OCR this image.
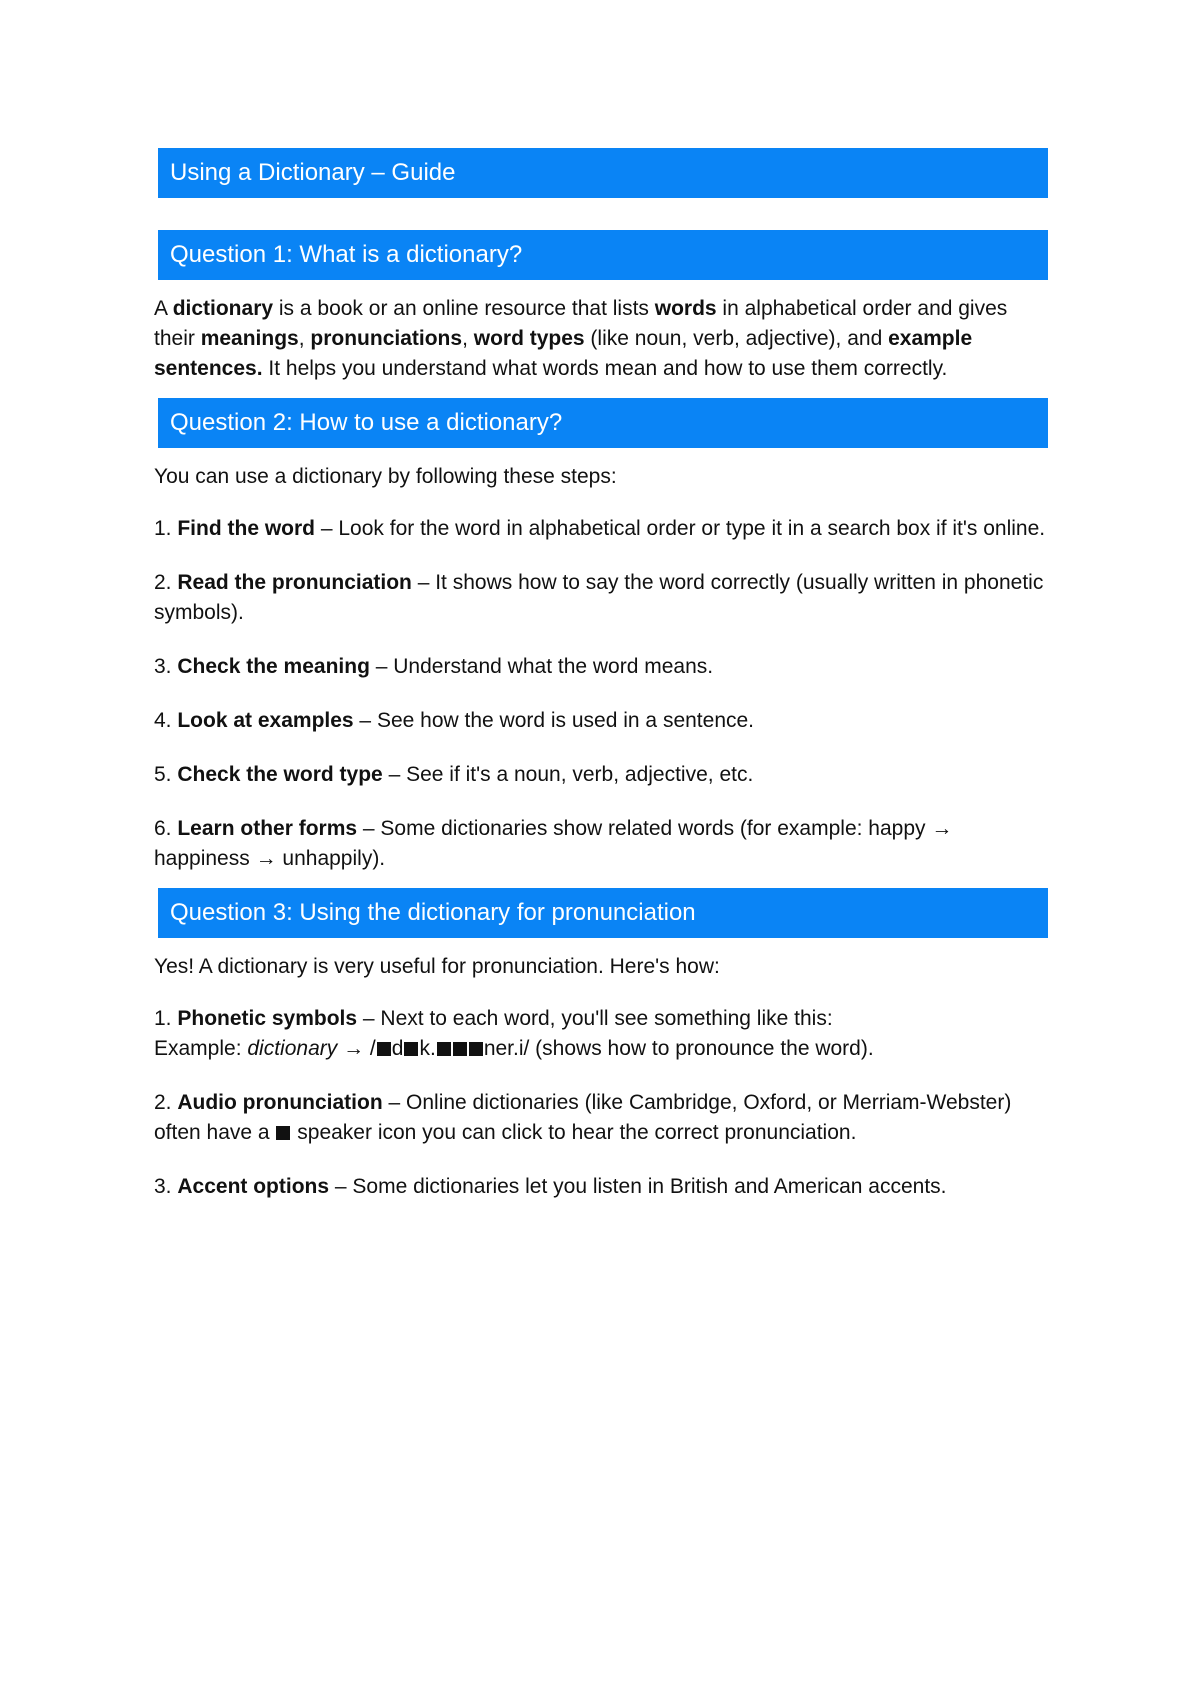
Using a Dictionary – Guide
Question 1: What is a dictionary?
A dictionary is a book or an online resource that lists words in alphabetical order and gives their meanings, pronunciations, word types (like noun, verb, adjective), and example sentences. It helps you understand what words mean and how to use them correctly.
Question 2: How to use a dictionary?
You can use a dictionary by following these steps:
1. Find the word – Look for the word in alphabetical order or type it in a search box if it's online.
2. Read the pronunciation – It shows how to say the word correctly (usually written in phonetic symbols).
3. Check the meaning – Understand what the word means.
4. Look at examples – See how the word is used in a sentence.
5. Check the word type – See if it's a noun, verb, adjective, etc.
6. Learn other forms – Some dictionaries show related words (for example: happy → happiness → unhappily).
Question 3: Using the dictionary for pronunciation
Yes! A dictionary is very useful for pronunciation. Here's how:
1. Phonetic symbols – Next to each word, you'll see something like this:
Example: dictionary → / d k. ner.i/ (shows how to pronounce the word).
2. Audio pronunciation – Online dictionaries (like Cambridge, Oxford, or Merriam-Webster) often have a  speaker icon you can click to hear the correct pronunciation.
3. Accent options – Some dictionaries let you listen in British and American accents.
